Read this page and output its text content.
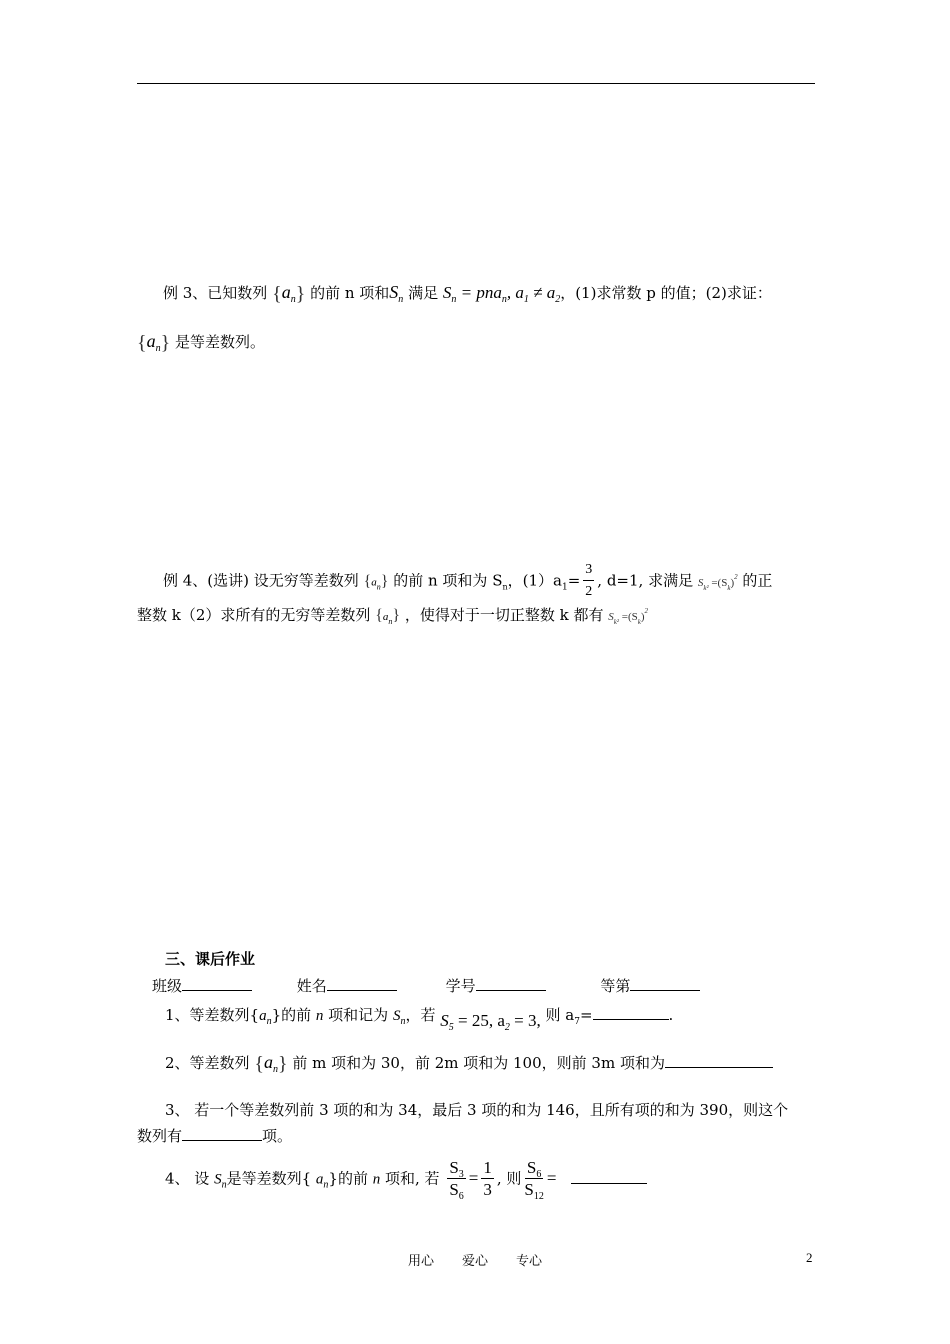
例 3、已知数列 $\{a_n\}$ 的前 n 项和$S_n$ 满足 $S_n = pna_n$, $a_1 \ne a_2$，(1)求常数 p 的值；(2)求证：
$\{a_n\}$ 是等差数列。
例 4、(选讲) 设无穷等差数列 $\{a_n\}$ 的前 n 项和为 $S_n$，$(1)a_1= \frac{3}{2}$ , d=1, 求满足 $S_{k^2} =(S_k)^2$ 的正
整数 k（2）求所有的无穷等差数列 $\{a_n\}$ ，使得对于一切正整数 k 都有 $S_{k^2} =(S_k)^2$
三、课后作业
班级	姓名	学号	等第
1、等差数列$\{a_n\}$的前 n 项和记为 $S_n$，若 $S_5 = 25$, $a_2 = 3$, 则 $a_7=$	.
2、等差数列 $\{a_n\}$ 前 m 项和为 30，前 2m 项和为 100，则前 3m 项和为
3、 若一个等差数列前 3 项的和为 34，最后 3 项的和为 146，且所有项的和为 390，则这个
数列有	项。
4、 设 $S_n$是等差数列{ $a_n$}的前 n 项和, 若 $\frac{S_3}{S_6} = \frac{1}{3}$ , 则 $\frac{S_6}{S_{12}}$ =
用心 爱心 专心	2
